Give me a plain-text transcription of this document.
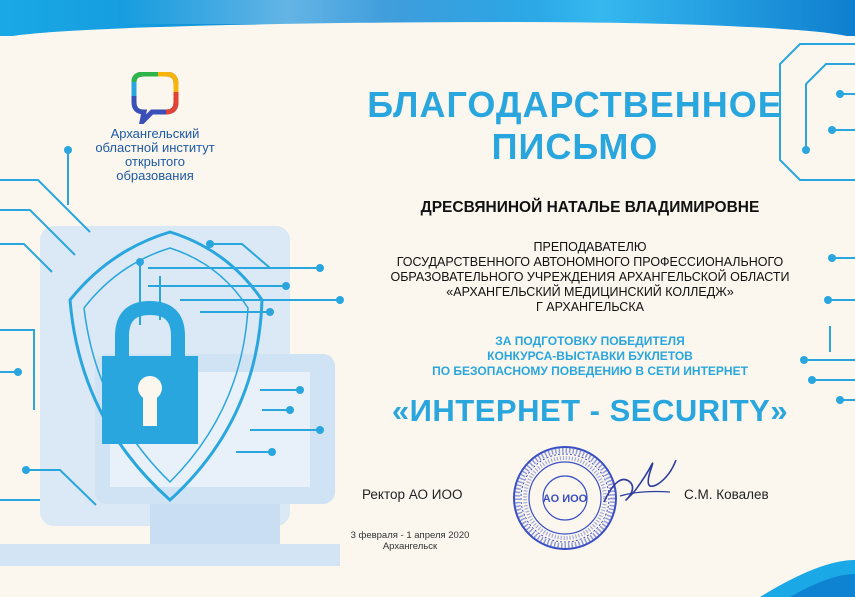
Архангельский
областной институт
открытого
образования
БЛАГОДАРСТВЕННОЕ
ПИСЬМО
ДРЕСВЯНИНОЙ НАТАЛЬЕ ВЛАДИМИРОВНЕ
ПРЕПОДАВАТЕЛЮ
ГОСУДАРСТВЕННОГО АВТОНОМНОГО ПРОФЕССИОНАЛЬНОГО
ОБРАЗОВАТЕЛЬНОГО УЧРЕЖДЕНИЯ АРХАНГЕЛЬСКОЙ ОБЛАСТИ
«АРХАНГЕЛЬСКИЙ МЕДИЦИНСКИЙ КОЛЛЕДЖ»
Г АРХАНГЕЛЬСКА
ЗА ПОДГОТОВКУ ПОБЕДИТЕЛЯ
КОНКУРСА-ВЫСТАВКИ БУКЛЕТОВ
ПО БЕЗОПАСНОМУ ПОВЕДЕНИЮ В СЕТИ ИНТЕРНЕТ
«ИНТЕРНЕТ - SECURITY»
Ректор АО ИОО	С.М. Ковалев
АО ИОО
3 февраля - 1 апреля 2020
Архангельск
